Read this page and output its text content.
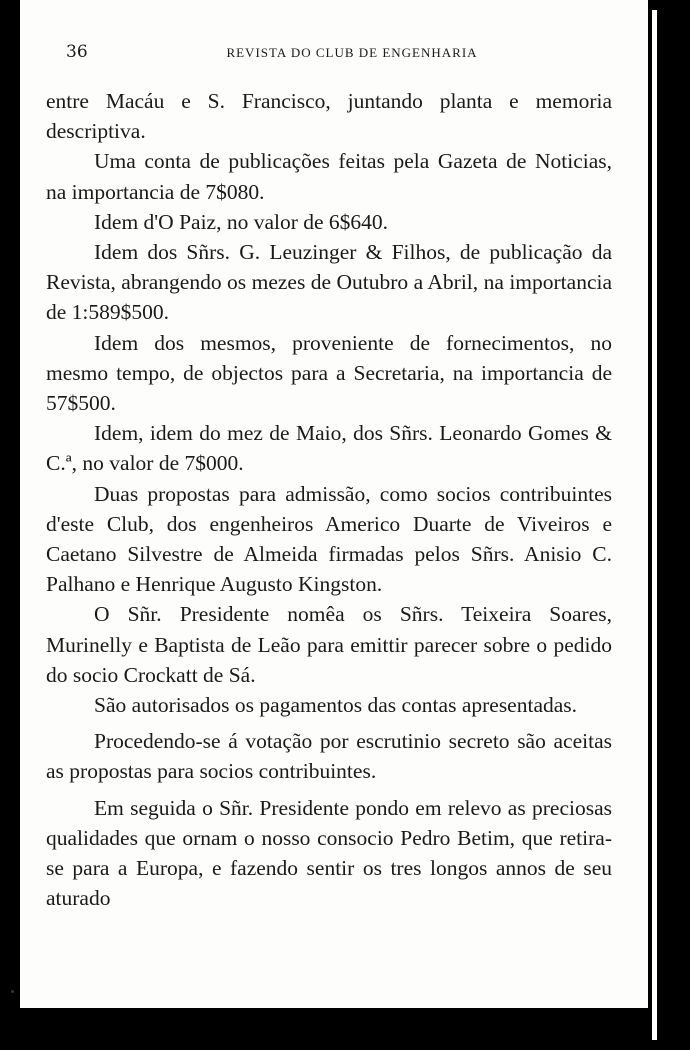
36	REVISTA DO CLUB DE ENGENHARIA

entre Macáu e S. Francisco, juntando planta e memoria descriptiva.

Uma conta de publicações feitas pela Gazeta de Noticias, na importancia de 7$080.

Idem d'O Paiz, no valor de 6$640.

Idem dos Sñrs. G. Leuzinger & Filhos, de publicação da Revista, abrangendo os mezes de Outubro a Abril, na importancia de 1:589$500.

Idem dos mesmos, proveniente de fornecimentos, no mesmo tempo, de objectos para a Secretaria, na importancia de 57$500.

Idem, idem do mez de Maio, dos Sñrs. Leonardo Gomes & C.ª, no valor de 7$000.

Duas propostas para admissão, como socios contribuintes d'este Club, dos engenheiros Americo Duarte de Viveiros e Caetano Silvestre de Almeida firmadas pelos Sñrs. Anisio C. Palhano e Henrique Augusto Kingston.

O Sñr. Presidente nomêa os Sñrs. Teixeira Soares, Murinelly e Baptista de Leão para emittir parecer sobre o pedido do socio Crockatt de Sá.

São autorisados os pagamentos das contas apresentadas.

Procedendo-se á votação por escrutinio secreto são aceitas as propostas para socios contribuintes.

Em seguida o Sñr. Presidente pondo em relevo as preciosas qualidades que ornam o nosso consocio Pedro Betim, que retira-se para a Europa, e fazendo sentir os tres longos annos de seu aturado
